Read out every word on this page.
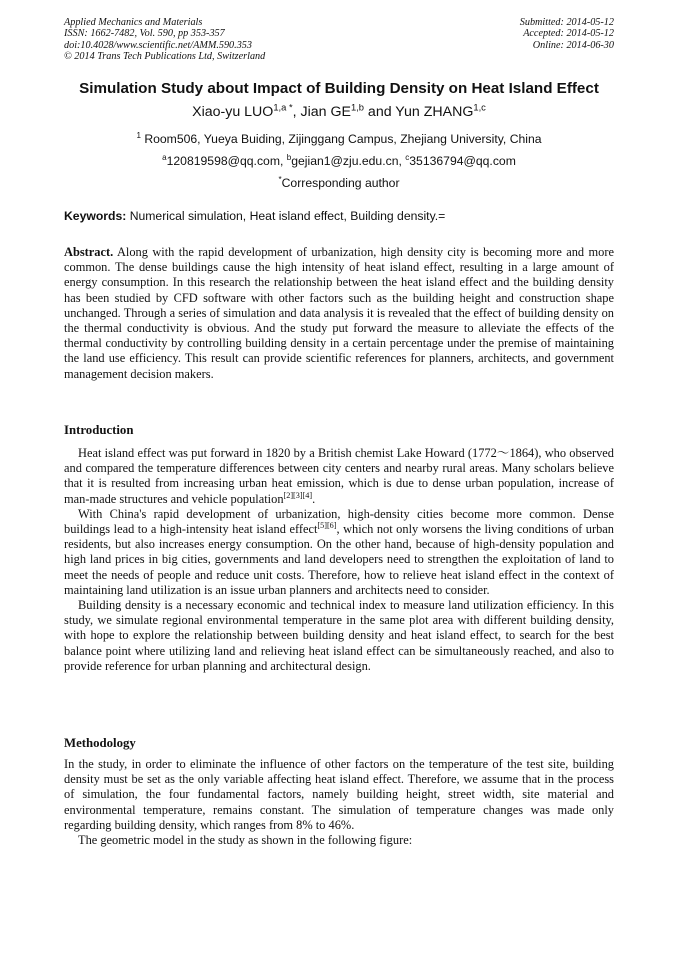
Applied Mechanics and Materials
ISSN: 1662-7482, Vol. 590, pp 353-357
doi:10.4028/www.scientific.net/AMM.590.353
© 2014 Trans Tech Publications Ltd, Switzerland
Submitted: 2014-05-12
Accepted: 2014-05-12
Online: 2014-06-30
Simulation Study about Impact of Building Density on Heat Island Effect
Xiao-yu $LUO^{1,a *}$, Jian GE$^{1,b}$ and Yun ZHANG$^{1,c}$
$^1$ Room506, Yueya Buiding, Zijinggang Campus, Zhejiang University, China
$^a$120819598@qq.com, $^b$gejian1@zju.edu.cn, $^c$35136794@qq.com
*Corresponding author
Keywords: Numerical simulation, Heat island effect, Building density.=
Abstract. Along with the rapid development of urbanization, high density city is becoming more and more common. The dense buildings cause the high intensity of heat island effect, resulting in a large amount of energy consumption. In this research the relationship between the heat island effect and the building density has been studied by CFD software with other factors such as the building height and construction shape unchanged. Through a series of simulation and data analysis it is revealed that the effect of building density on the thermal conductivity is obvious. And the study put forward the measure to alleviate the effects of the thermal conductivity by controlling building density in a certain percentage under the premise of maintaining the land use efficiency. This result can provide scientific references for planners, architects, and government management decision makers.
Introduction

Heat island effect was put forward in 1820 by a British chemist Lake Howard (1772～1864), who observed and compared the temperature differences between city centers and nearby rural areas. Many scholars believe that it is resulted from increasing urban heat emission, which is due to dense urban population, increase of man-made structures and vehicle population[2][3][4].

With China's rapid development of urbanization, high-density cities become more common. Dense buildings lead to a high-intensity heat island effect[5][6], which not only worsens the living conditions of urban residents, but also increases energy consumption. On the other hand, because of high-density population and high land prices in big cities, governments and land developers need to strengthen the exploitation of land to meet the needs of people and reduce unit costs. Therefore, how to relieve heat island effect in the context of maintaining land utilization is an issue urban planners and architects need to consider.

Building density is a necessary economic and technical index to measure land utilization efficiency. In this study, we simulate regional environmental temperature in the same plot area with different building density, with hope to explore the relationship between building density and heat island effect, to search for the best balance point where utilizing land and relieving heat island effect can be simultaneously reached, and also to provide reference for urban planning and architectural design.

Methodology

In the study, in order to eliminate the influence of other factors on the temperature of the test site, building density must be set as the only variable affecting heat island effect. Therefore, we assume that in the process of simulation, the four fundamental factors, namely building height, street width, site material and environmental temperature, remains constant. The simulation of temperature changes was made only regarding building density, which ranges from 8% to 46%.

The geometric model in the study as shown in the following figure:
